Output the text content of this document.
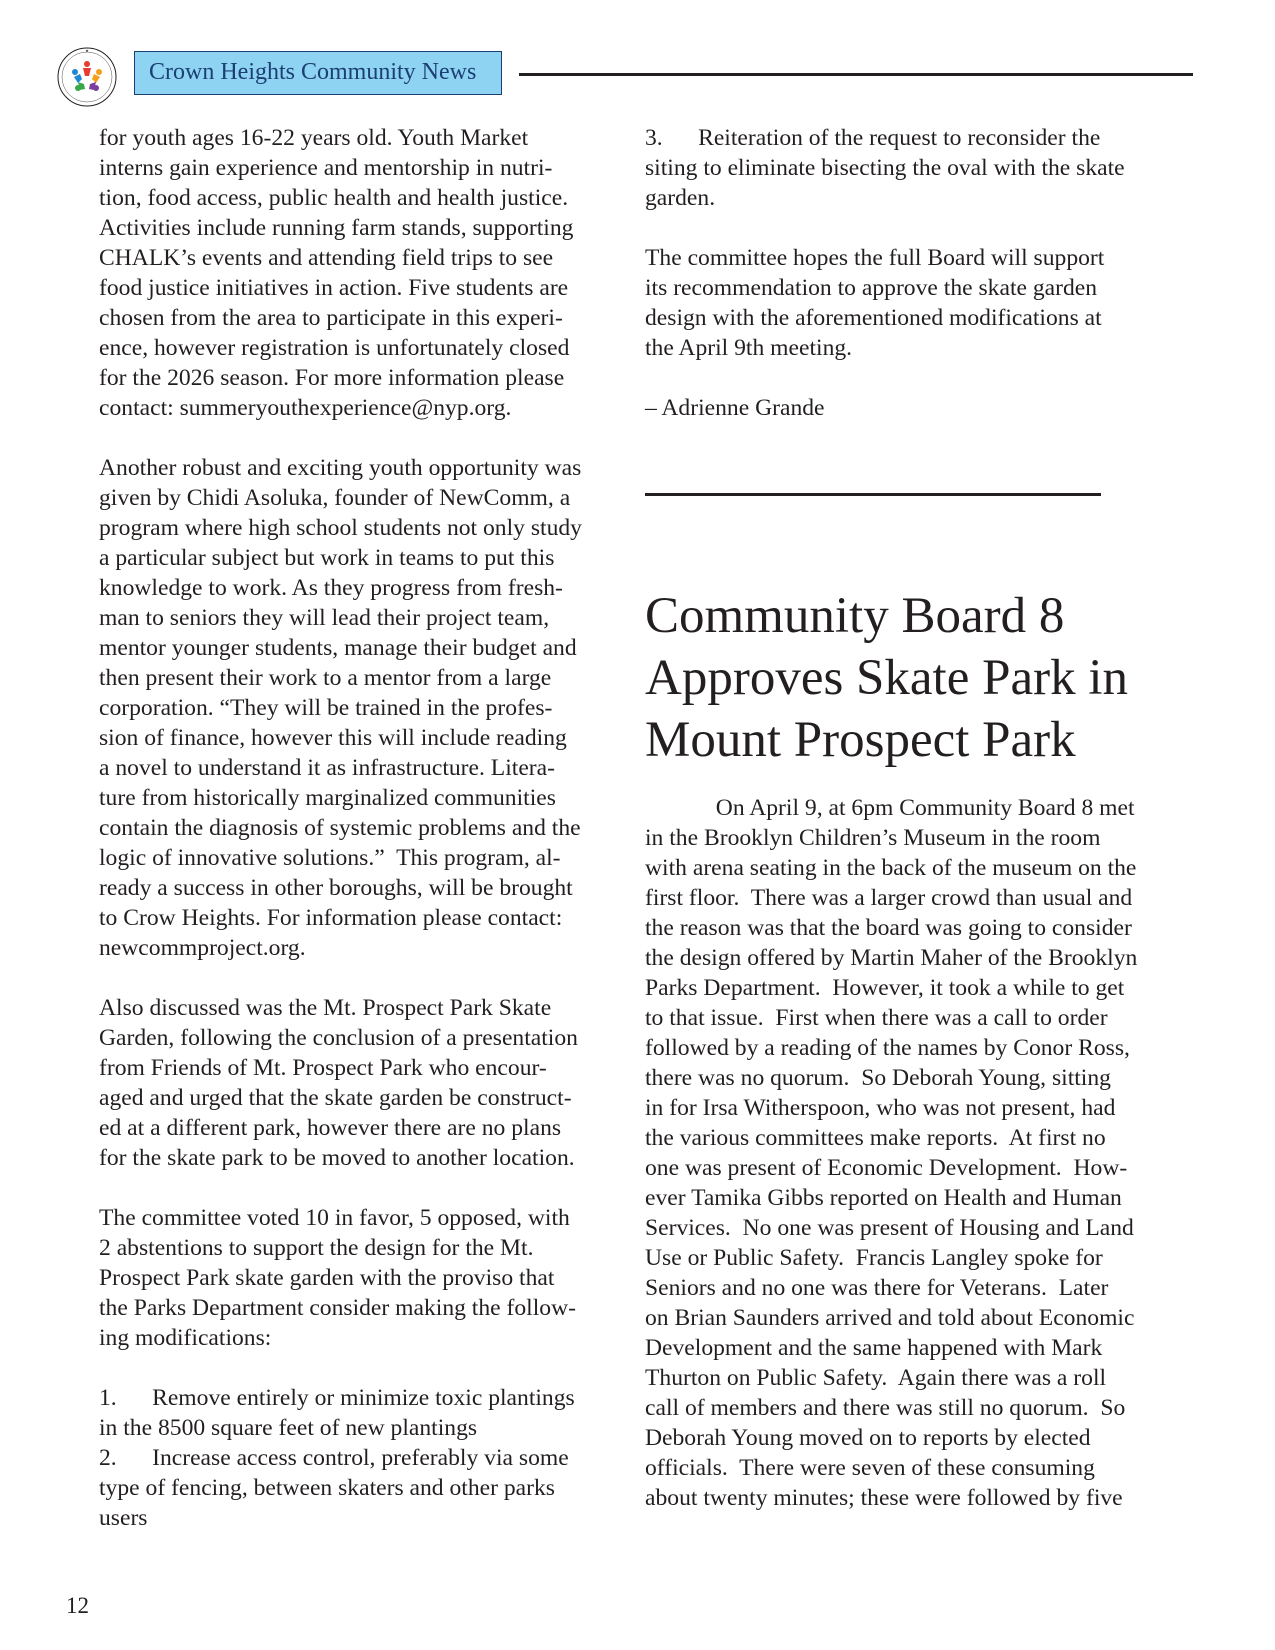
★
Crown Heights Community News

for youth ages 16-22 years old. Youth Market

interns gain experience and mentorship in nutri-

tion, food access, public health and health justice.

Activities include running farm stands, supporting

CHALK’s events and attending field trips to see

food justice initiatives in action. Five students are

chosen from the area to participate in this experi-

ence, however registration is unfortunately closed

for the 2026 season. For more information please

contact: summeryouthexperience@nyp.org.

Another robust and exciting youth opportunity was

given by Chidi Asoluka, founder of NewComm, a

program where high school students not only study

a particular subject but work in teams to put this

knowledge to work. As they progress from fresh-

man to seniors they will lead their project team,

mentor younger students, manage their budget and

then present their work to a mentor from a large

corporation. “They will be trained in the profes-

sion of finance, however this will include reading

a novel to understand it as infrastructure. Litera-

ture from historically marginalized communities

contain the diagnosis of systemic problems and the

logic of innovative solutions.”  This program, al-

ready a success in other boroughs, will be brought

to Crow Heights. For information please contact:

newcommproject.org.

Also discussed was the Mt. Prospect Park Skate

Garden, following the conclusion of a presentation

from Friends of Mt. Prospect Park who encour-

aged and urged that the skate garden be construct-

ed at a different park, however there are no plans

for the skate park to be moved to another location.

The committee voted 10 in favor, 5 opposed, with

2 abstentions to support the design for the Mt.

Prospect Park skate garden with the proviso that

the Parks Department consider making the follow-

ing modifications:

1.      Remove entirely or minimize toxic plantings

in the 8500 square feet of new plantings

2.      Increase access control, preferably via some

type of fencing, between skaters and other parks

users

3.      Reiteration of the request to reconsider the

siting to eliminate bisecting the oval with the skate

garden.

The committee hopes the full Board will support

its recommendation to approve the skate garden

design with the aforementioned modifications at

the April 9th meeting.

– Adrienne Grande

Community Board 8
Approves Skate Park in
Mount Prospect Park

On April 9, at 6pm Community Board 8 met

in the Brooklyn Children’s Museum in the room

with arena seating in the back of the museum on the

first floor.  There was a larger crowd than usual and

the reason was that the board was going to consider

the design offered by Martin Maher of the Brooklyn

Parks Department.  However, it took a while to get

to that issue.  First when there was a call to order

followed by a reading of the names by Conor Ross,

there was no quorum.  So Deborah Young, sitting

in for Irsa Witherspoon, who was not present, had

the various committees make reports.  At first no

one was present of Economic Development.  How-

ever Tamika Gibbs reported on Health and Human

Services.  No one was present of Housing and Land

Use or Public Safety.  Francis Langley spoke for

Seniors and no one was there for Veterans.  Later

on Brian Saunders arrived and told about Economic

Development and the same happened with Mark

Thurton on Public Safety.  Again there was a roll

call of members and there was still no quorum.  So

Deborah Young moved on to reports by elected

officials.  There were seven of these consuming

about twenty minutes; these were followed by five

12
